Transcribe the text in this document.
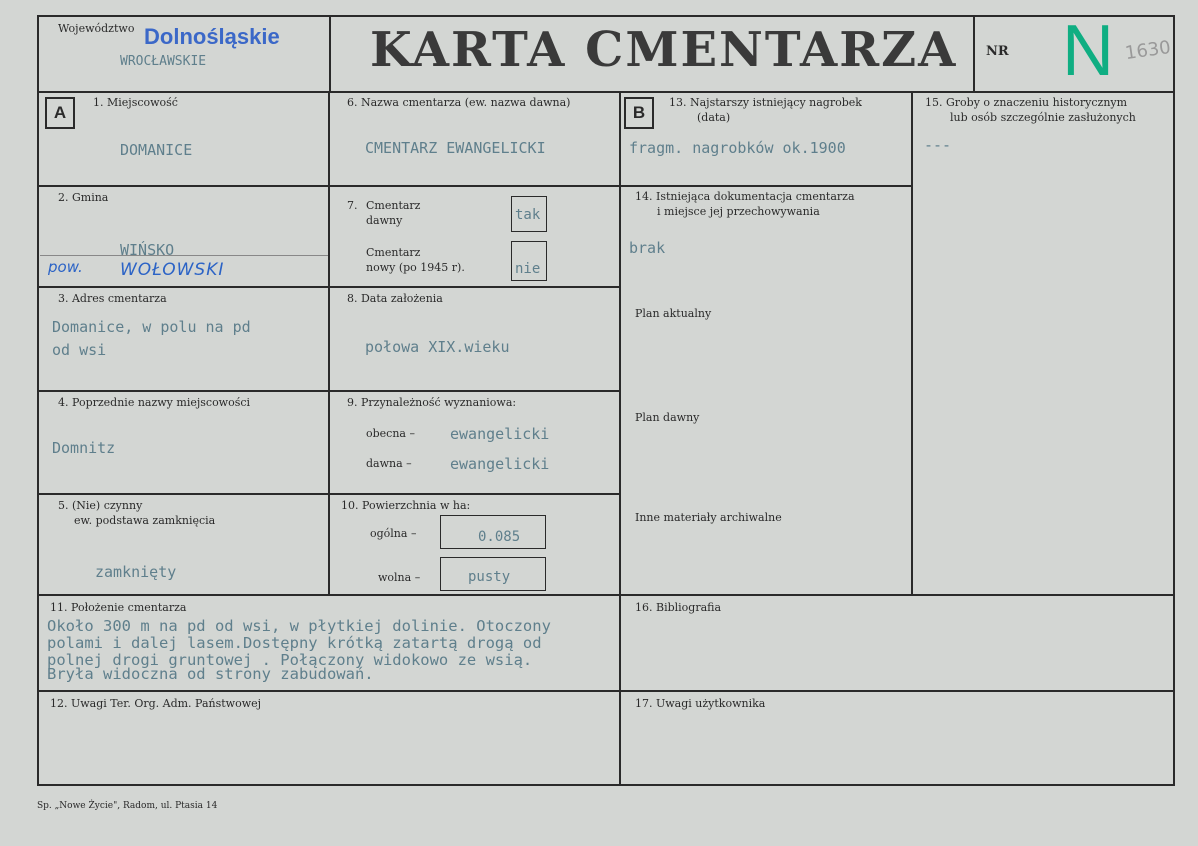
Województwo Dolnośląskie
WROCŁAWSKIE	KARTA CMENTARZA NR N 1630
A	B
1. Miejscowość
DOMANICE
2. Gmina
WIŃSKO
pow. WOŁOWSKI
3. Adres cmentarza
Domanice, w polu na pd
od wsi
4. Poprzednie nazwy miejscowości
Domnitz
5. (Nie) czynny
ew. podstawa zamknięcia
zamknięty
6. Nazwa cmentarza (ew. nazwa dawna)
CMENTARZ EWANGELICKI
7. Cmentarz
dawny	tak
Cmentarz
nowy (po 1945 r).	nie
8. Data założenia
połowa XIX.wieku
9. Przynależność wyznaniowa:
obecna – ewangelicki
dawna –	ewangelicki
10. Powierzchnia w ha:
ogólna –	0.085
wolna –	pusty
13. Najstarszy istniejący nagrobek
(data)
fragm. nagrobków ok.1900
14. Istniejąca dokumentacja cmentarza
i miejsce jej przechowywania
brak
Plan aktualny
Plan dawny
Inne materiały archiwalne
15. Groby o znaczeniu historycznym
lub osób szczególnie zasłużonych
---
11. Położenie cmentarza
Około 300 m na pd od wsi, w płytkiej dolinie. Otoczony
polami i dalej lasem.Dostępny krótką zatartą drogą od
polnej drogi gruntowej . Połączony widokowo ze wsią.
Bryła widoczna od strony zabudowań.
16. Bibliografia
12. Uwagi Ter. Org. Adm. Państwowej	17. Uwagi użytkownika
Sp. „Nowe Życie", Radom, ul. Ptasia 14
